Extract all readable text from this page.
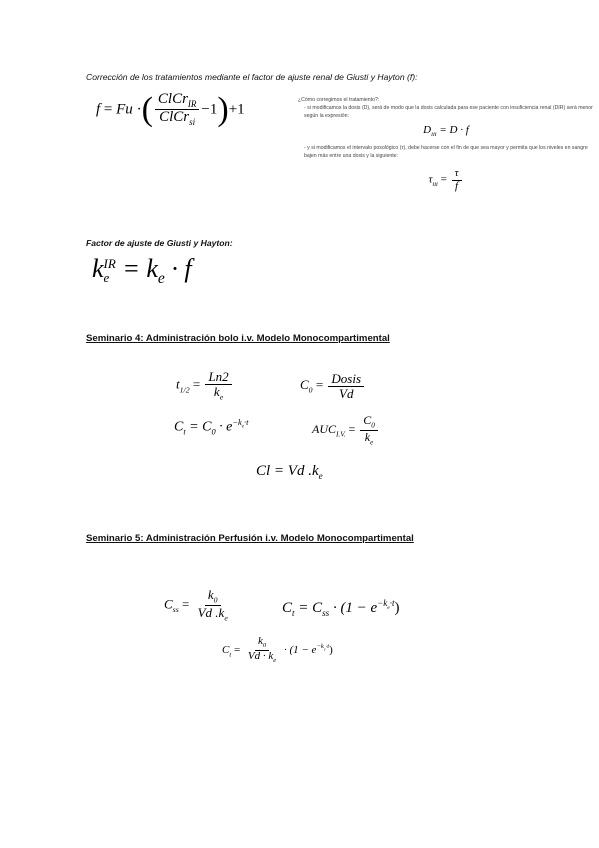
Corrección de los tratamientos mediante el factor de ajuste renal de Giusti y Hayton (f):
f = Fu ·( $\frac{ClCr_{IR}}{ClCr_{si}} -1)+1$
¿Cómo corregimos el tratamiento?:
- si modificamos la dosis (D), será de modo que la dosis calculada para ese paciente con insuficiencia renal (DIR) será menor según la expresión:
$D_{iii} = D \cdot f$
- y si modificamos el intervalo posológico (τ), debe hacerse con el fin de que sea mayor y permita que los niveles en sangre bajen más entre una dosis y la siguiente:
$\tau_{iii} = \frac{\tau}{f}$
Factor de ajuste de Giusti y Hayton:
k IR
$e = k_e \cdot f$
Seminario 4: Administración bolo i.v. Modelo Monocompartimental
$t_{1/2} = \frac{Ln2}{k_e}$	$C_0 = \frac{\text{Dosis}}{Vd}$
$C_t = C_0 \cdot e^{-k_e\cdot t}$	$AUC_{I.V.} = \frac{C_0}{k_e}$
Cl = Vd $.k_e$
Seminario 5: Administración Perfusión i.v. Modelo Monocompartimental
$C_{ss} = \frac{k_0}{Vd .k_e}$	$C_t = C_{ss} \cdot (1 - e^{-k_e\cdot t})$
$C_t = \frac{k_0}{Vd \cdot k_e} \cdot (1 - e^{-k_e\cdot t})$
